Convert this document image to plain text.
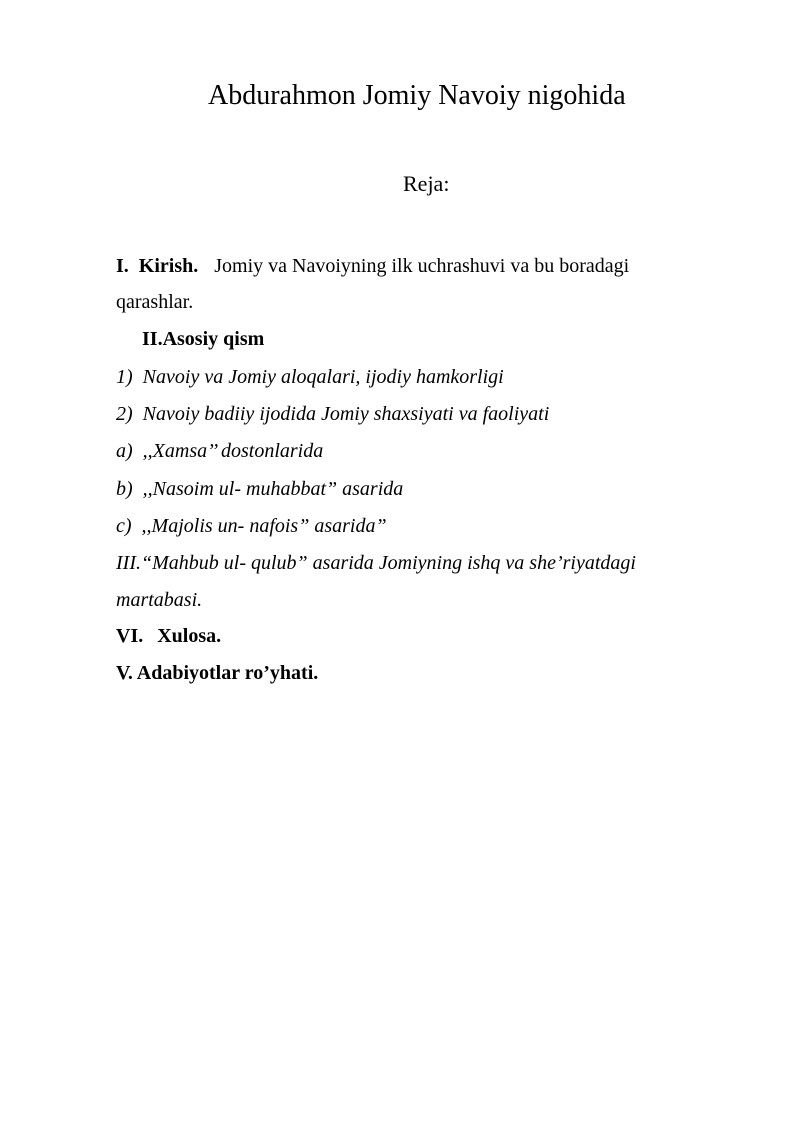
Abdurahmon Jomiy Navoiy nigohida
Reja:
I. Kirish. Jomiy va Navoiyning ilk uchrashuvi va bu boradagi
qarashlar.
II.Asosiy qism
1) Navoiy va Jomiy aloqalari, ijodiy hamkorligi
2) Navoiy badiiy ijodida Jomiy shaxsiyati va faoliyati
a) ,,Xamsa’’ dostonlarida
b) ,,Nasoim ul- muhabbat” asarida
c) ,,Majolis un- nafois” asarida”
III.“Mahbub ul- qulub” asarida Jomiyning ishq va she’riyatdagi
martabasi.
VI. Xulosa.
V. Adabiyotlar ro’yhati.
